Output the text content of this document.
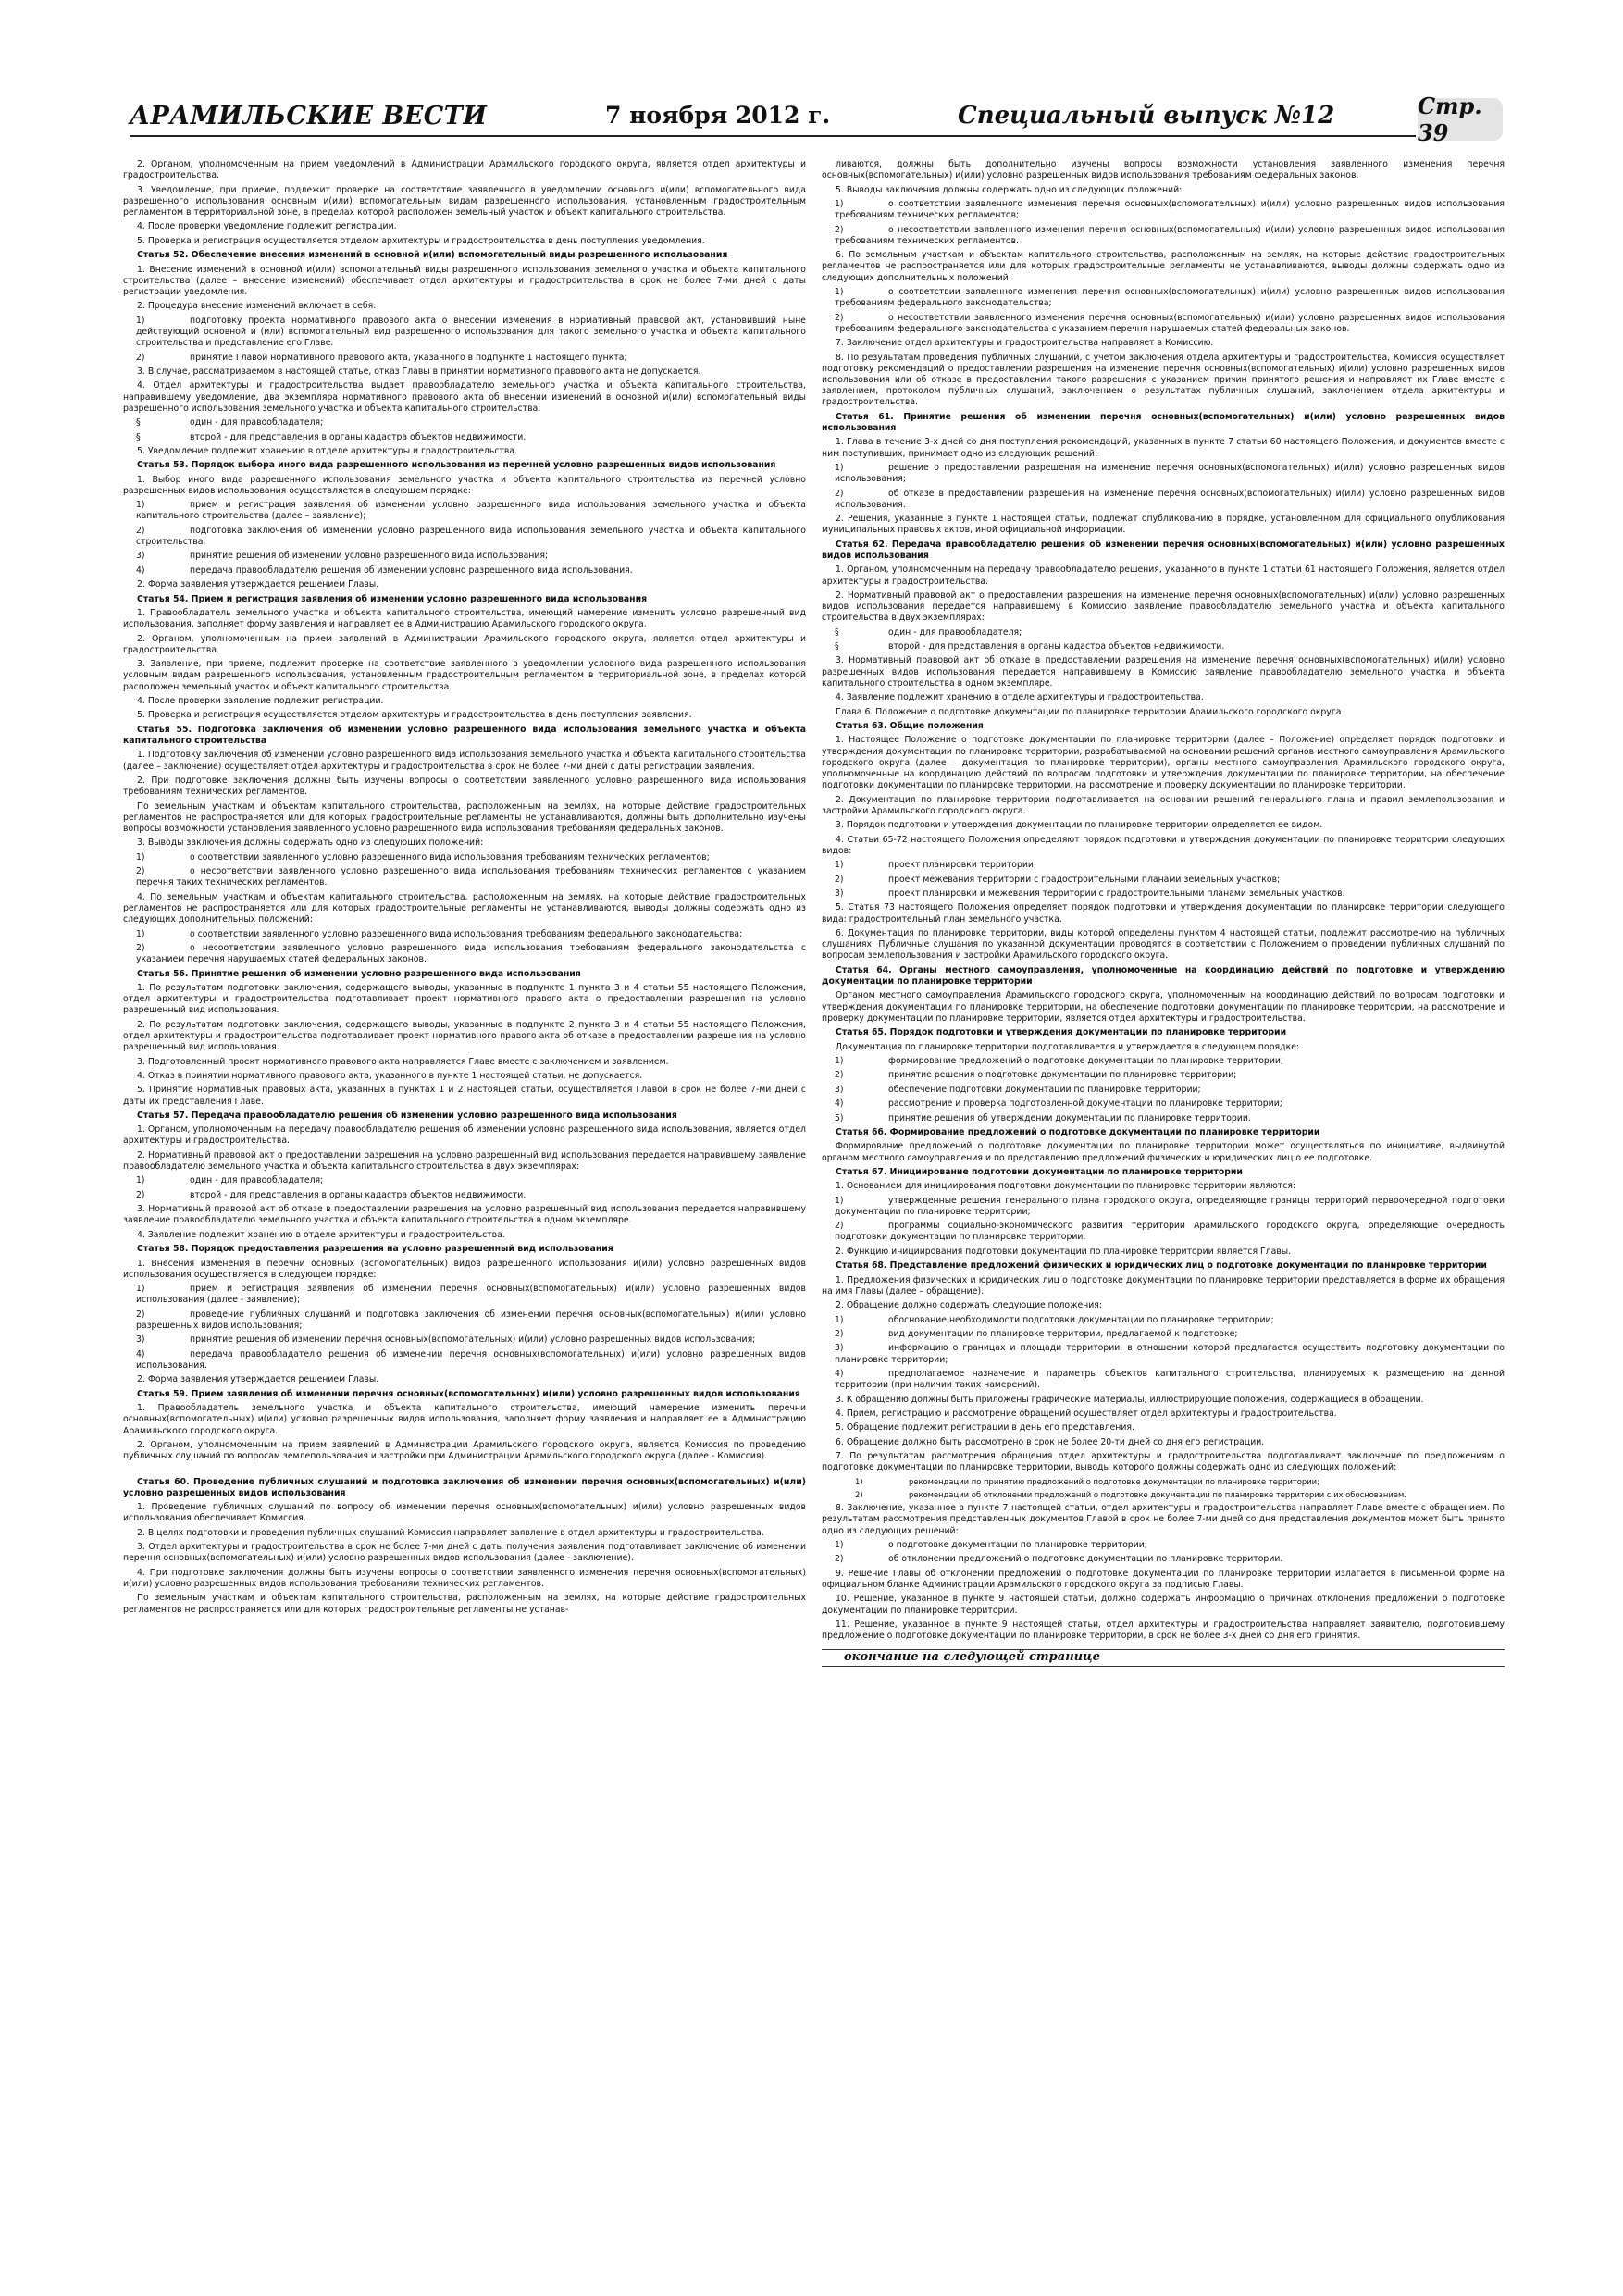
АРАМИЛЬСКИЕ ВЕСТИ	7 ноября 2012 г.	Специальный выпуск №12	Стр. 39

2. Органом, уполномоченным на прием уведомлений в Администрации Арамильского городского округа, является отдел архитектуры и градостроительства.

3. Уведомление, при приеме, подлежит проверке на соответствие заявленного в уведомлении основного и(или) вспомогательного вида разрешенного использования основным и(или) вспомогательным видам разрешенного использования, установленным градостроительным регламентом в территориальной зоне, в пределах которой расположен земельный участок и объект капитального строительства.

4. После проверки уведомление подлежит регистрации.

5. Проверка и регистрация осуществляется отделом архитектуры и градостроительства в день поступления уведомления.

Статья 52. Обеспечение внесения изменений в основной и(или) вспомогательный виды разрешенного использования

1. Внесение изменений в основной и(или) вспомогательный виды разрешенного использования земельного участка и объекта капитального строительства (далее – внесение изменений) обеспечивает отдел архитектуры и градостроительства в срок не более 7-ми дней с даты регистрации уведомления.

2. Процедура внесение изменений включает в себя:

1)	подготовку проекта нормативного правового акта о внесении изменения в нормативный правовой акт, установивший ныне действующий основной и (или) вспомогательный вид разрешенного использования для такого земельного участка и объекта капитального строительства и представление его Главе.

2)	принятие Главой нормативного правового акта, указанного в подпункте 1 настоящего пункта;

3. В случае, рассматриваемом в настоящей статье, отказ Главы в принятии нормативного правового акта не допускается.

4. Отдел архитектуры и градостроительства выдает правообладателю земельного участка и объекта капитального строительства, направившему уведомление, два экземпляра нормативного правового акта об внесении изменений в основной и(или) вспомогательный виды разрешенного использования земельного участка и объекта капитального строительства:

§	один - для правообладателя;

§	второй - для представления в органы кадастра объектов недвижимости.

5. Уведомление подлежит хранению в отделе архитектуры и градостроительства.

Статья 53. Порядок выбора иного вида разрешенного использования из перечней условно разрешенных видов использования

1. Выбор иного вида разрешенного использования земельного участка и объекта капитального строительства из перечней условно разрешенных видов использования осуществляется в следующем порядке:

1)	прием и регистрация заявления об изменении условно разрешенного вида использования земельного участка и объекта капитального строительства (далее – заявление);

2)	подготовка заключения об изменении условно разрешенного вида использования земельного участка и объекта капитального строительства;

3)	принятие решения об изменении условно разрешенного вида использования;

4)	передача правообладателю решения об изменении условно разрешенного вида использования.

2. Форма заявления утверждается решением Главы.

Статья 54. Прием и регистрация заявления об изменении условно разрешенного вида использования

1. Правообладатель земельного участка и объекта капитального строительства, имеющий намерение изменить условно разрешенный вид использования, заполняет форму заявления и направляет ее в Администрацию Арамильского городского округа.

2. Органом, уполномоченным на прием заявлений в Администрации Арамильского городского округа, является отдел архитектуры и градостроительства.

3. Заявление, при приеме, подлежит проверке на соответствие заявленного в уведомлении условного вида разрешенного использования условным видам разрешенного использования, установленным градостроительным регламентом в территориальной зоне, в пределах которой расположен земельный участок и объект капитального строительства.

4. После проверки заявление подлежит регистрации.

5. Проверка и регистрация осуществляется отделом архитектуры и градостроительства в день поступления заявления.

Статья 55. Подготовка заключения об изменении условно разрешенного вида использования земельного участка и объекта капитального строительства

1. Подготовку заключения об изменении условно разрешенного вида использования земельного участка и объекта капитального строительства (далее – заключение) осуществляет отдел архитектуры и градостроительства в срок не более 7-ми дней с даты регистрации заявления.

2. При подготовке заключения должны быть изучены вопросы о соответствии заявленного условно разрешенного вида использования требованиям технических регламентов.

По земельным участкам и объектам капитального строительства, расположенным на землях, на которые действие градостроительных регламентов не распространяется или для которых градостроительные регламенты не устанавливаются, должны быть дополнительно изучены вопросы возможности установления заявленного условно разрешенного вида использования требованиям федеральных законов.

3. Выводы заключения должны содержать одно из следующих положений:

1)	о соответствии заявленного условно разрешенного вида использования требованиям технических регламентов;

2)	о несоответствии заявленного условно разрешенного вида использования требованиям технических регламентов с указанием перечня таких технических регламентов.

4. По земельным участкам и объектам капитального строительства, расположенным на землях, на которые действие градостроительных регламентов не распространяется или для которых градостроительные регламенты не устанавливаются, выводы должны содержать одно из следующих дополнительных положений:

1)	о соответствии заявленного условно разрешенного вида использования требованиям федерального законодательства;

2)	о несоответствии заявленного условно разрешенного вида использования требованиям федерального законодательства с указанием перечня нарушаемых статей федеральных законов.

Статья 56. Принятие решения об изменении условно разрешенного вида использования

1. По результатам подготовки заключения, содержащего выводы, указанные в подпункте 1 пункта 3 и 4 статьи 55 настоящего Положения, отдел архитектуры и градостроительства подготавливает проект нормативного правого акта о предоставлении разрешения на условно разрешенный вид использования.

2. По результатам подготовки заключения, содержащего выводы, указанные в подпункте 2 пункта 3 и 4 статьи 55 настоящего Положения, отдел архитектуры и градостроительства подготавливает проект нормативного правого акта об отказе в предоставлении разрешения на условно разрешенный вид использования.

3. Подготовленный проект нормативного правового акта направляется Главе вместе с заключением и заявлением.

4. Отказ в принятии нормативного правового акта, указанного в пункте 1 настоящей статьи, не допускается.

5. Принятие нормативных правовых акта, указанных в пунктах 1 и 2 настоящей статьи, осуществляется Главой в срок не более 7-ми дней с даты их представления Главе.

Статья 57. Передача правообладателю решения об изменении условно разрешенного вида использования

1. Органом, уполномоченным на передачу правообладателю решения об изменении условно разрешенного вида использования, является отдел архитектуры и градостроительства.

2. Нормативный правовой акт о предоставлении разрешения на условно разрешенный вид использования передается направившему заявление правообладателю земельного участка и объекта капитального строительства в двух экземплярах:

1)	один - для правообладателя;

2)	второй - для представления в органы кадастра объектов недвижимости.

3. Нормативный правовой акт об отказе в предоставлении разрешения на условно разрешенный вид использования передается направившему заявление правообладателю земельного участка и объекта капитального строительства в одном экземпляре.

4. Заявление подлежит хранению в отделе архитектуры и градостроительства.

Статья 58. Порядок предоставления разрешения на условно разрешенный вид использования

1. Внесения изменения в перечни основных (вспомогательных) видов разрешенного использования и(или) условно разрешенных видов использования осуществляется в следующем порядке:

1)	прием и регистрация заявления об изменении перечня основных(вспомогательных) и(или) условно разрешенных видов использования (далее - заявление);

2)	проведение публичных слушаний и подготовка заключения об изменении перечня основных(вспомогательных) и(или) условно разрешенных видов использования;

3)	принятие решения об изменении перечня основных(вспомогательных) и(или) условно разрешенных видов использования;

4)	передача правообладателю решения об изменении перечня основных(вспомогательных) и(или) условно разрешенных видов использования.

2. Форма заявления утверждается решением Главы.

Статья 59. Прием заявления об изменении перечня основных(вспомогательных) и(или) условно разрешенных видов использования

1. Правообладатель земельного участка и объекта капитального строительства, имеющий намерение изменить перечни основных(вспомогательных) и(или) условно разрешенных видов использования, заполняет форму заявления и направляет ее в Администрацию Арамильского городского округа.

2. Органом, уполномоченным на прием заявлений в Администрации Арамильского городского округа, является Комиссия по проведению публичных слушаний по вопросам землепользования и застройки при Администрации Арамильского городского округа (далее - Комиссия).

Статья 60. Проведение публичных слушаний и подготовка заключения об изменении перечня основных(вспомогательных) и(или) условно разрешенных видов использования

1. Проведение публичных слушаний по вопросу об изменении перечня основных(вспомогательных) и(или) условно разрешенных видов использования обеспечивает Комиссия.

2. В целях подготовки и проведения публичных слушаний Комиссия направляет заявление в отдел архитектуры и градостроительства.

3. Отдел архитектуры и градостроительства в срок не более 7-ми дней с даты получения заявления подготавливает заключение об изменении перечня основных(вспомогательных) и(или) условно разрешенных видов использования (далее - заключение).

4. При подготовке заключения должны быть изучены вопросы о соответствии заявленного изменения перечня основных(вспомогательных) и(или) условно разрешенных видов использования требованиям технических регламентов.

По земельным участкам и объектам капитального строительства, расположенным на землях, на которые действие градостроительных регламентов не распространяется или для которых градостроительные регламенты не устанав-

ливаются, должны быть дополнительно изучены вопросы возможности установления заявленного изменения перечня основных(вспомогательных) и(или) условно разрешенных видов использования требованиям федеральных законов.

5. Выводы заключения должны содержать одно из следующих положений:

1)	о соответствии заявленного изменения перечня основных(вспомогательных) и(или) условно разрешенных видов использования требованиям технических регламентов;

2)	о несоответствии заявленного изменения перечня основных(вспомогательных) и(или) условно разрешенных видов использования требованиям технических регламентов.

6. По земельным участкам и объектам капитального строительства, расположенным на землях, на которые действие градостроительных регламентов не распространяется или для которых градостроительные регламенты не устанавливаются, выводы должны содержать одно из следующих дополнительных положений:

1)	о соответствии заявленного изменения перечня основных(вспомогательных) и(или) условно разрешенных видов использования требованиям федерального законодательства;

2)	о несоответствии заявленного изменения перечня основных(вспомогательных) и(или) условно разрешенных видов использования требованиям федерального законодательства с указанием перечня нарушаемых статей федеральных законов.

7. Заключение отдел архитектуры и градостроительства направляет в Комиссию.

8. По результатам проведения публичных слушаний, с учетом заключения отдела архитектуры и градостроительства, Комиссия осуществляет подготовку рекомендаций о предоставлении разрешения на изменение перечня основных(вспомогательных) и(или) условно разрешенных видов использования или об отказе в предоставлении такого разрешения с указанием причин принятого решения и направляет их Главе вместе с заявлением, протоколом публичных слушаний, заключением о результатах публичных слушаний, заключением отдела архитектуры и градостроительства.

Статья 61. Принятие решения об изменении перечня основных(вспомогательных) и(или) условно разрешенных видов использования

1. Глава в течение 3-х дней со дня поступления рекомендаций, указанных в пункте 7 статьи 60 настоящего Положения, и документов вместе с ним поступивших, принимает одно из следующих решений:

1)	решение о предоставлении разрешения на изменение перечня основных(вспомогательных) и(или) условно разрешенных видов использования;

2)	об отказе в предоставлении разрешения на изменение перечня основных(вспомогательных) и(или) условно разрешенных видов использования.

2. Решения, указанные в пункте 1 настоящей статьи, подлежат опубликованию в порядке, установленном для официального опубликования муниципальных правовых актов, иной официальной информации.

Статья 62. Передача правообладателю решения об изменении перечня основных(вспомогательных) и(или) условно разрешенных видов использования

1. Органом, уполномоченным на передачу правообладателю решения, указанного в пункте 1 статьи 61 настоящего Положения, является отдел архитектуры и градостроительства.

2. Нормативный правовой акт о предоставлении разрешения на изменение перечня основных(вспомогательных) и(или) условно разрешенных видов использования передается направившему в Комиссию заявление правообладателю земельного участка и объекта капитального строительства в двух экземплярах:

§	один - для правообладателя;

§	второй - для представления в органы кадастра объектов недвижимости.

3. Нормативный правовой акт об отказе в предоставлении разрешения на изменение перечня основных(вспомогательных) и(или) условно разрешенных видов использования передается направившему в Комиссию заявление правообладателю земельного участка и объекта капитального строительства в одном экземпляре.

4. Заявление подлежит хранению в отделе архитектуры и градостроительства.

Глава 6. Положение о подготовке документации по планировке территории Арамильского городского округа

Статья 63. Общие положения

1. Настоящее Положение о подготовке документации по планировке территории (далее – Положение) определяет порядок подготовки и утверждения документации по планировке территории, разрабатываемой на основании решений органов местного самоуправления Арамильского городского округа (далее – документация по планировке территории), органы местного самоуправления Арамильского городского округа, уполномоченные на координацию действий по вопросам подготовки и утверждения документации по планировке территории, на обеспечение подготовки документации по планировке территории, на рассмотрение и проверку документации по планировке территории.

2. Документация по планировке территории подготавливается на основании решений генерального плана и правил землепользования и застройки Арамильского городского округа.

3. Порядок подготовки и утверждения документации по планировке территории определяется ее видом.

4. Статьи 65-72 настоящего Положения определяют порядок подготовки и утверждения документации по планировке территории следующих видов:

1)	проект планировки территории;

2)	проект межевания территории с градостроительными планами земельных участков;

3)	проект планировки и межевания территории с градостроительными планами земельных участков.

5. Статья 73 настоящего Положения определяет порядок подготовки и утверждения документации по планировке территории следующего вида: градостроительный план земельного участка.

6. Документация по планировке территории, виды которой определены пунктом 4 настоящей статьи, подлежит рассмотрению на публичных слушаниях. Публичные слушания по указанной документации проводятся в соответствии с Положением о проведении публичных слушаний по вопросам землепользования и застройки Арамильского городского округа.

Статья 64. Органы местного самоуправления, уполномоченные на координацию действий по подготовке и утверждению документации по планировке территории

Органом местного самоуправления Арамильского городского округа, уполномоченным на координацию действий по вопросам подготовки и утверждения документации по планировке территории, на обеспечение подготовки документации по планировке территории, на рассмотрение и проверку документации по планировке территории, является отдел архитектуры и градостроительства.

Статья 65. Порядок подготовки и утверждения документации по планировке территории

Документация по планировке территории подготавливается и утверждается в следующем порядке:

1)	формирование предложений о подготовке документации по планировке территории;

2)	принятие решения о подготовке документации по планировке территории;

3)	обеспечение подготовки документации по планировке территории;

4)	рассмотрение и проверка подготовленной документации по планировке территории;

5)	принятие решения об утверждении документации по планировке территории.

Статья 66. Формирование предложений о подготовке документации по планировке территории

Формирование предложений о подготовке документации по планировке территории может осуществляться по инициативе, выдвинутой органом местного самоуправления и по представлению предложений физических и юридических лиц о ее подготовке.

Статья 67. Инициирование подготовки документации по планировке территории

1. Основанием для инициирования подготовки документации по планировке территории являются:

1)	утвержденные решения генерального плана городского округа, определяющие границы территорий первоочередной подготовки документации по планировке территории;

2)	программы социально-экономического развития территории Арамильского городского округа, определяющие очередность подготовки документации по планировке территории.

2. Функцию инициирования подготовки документации по планировке территории является Главы.

Статья 68. Представление предложений физических и юридических лиц о подготовке документации по планировке территории

1. Предложения физических и юридических лиц о подготовке документации по планировке территории представляется в форме их обращения на имя Главы (далее – обращение).

2. Обращение должно содержать следующие положения:

1)	обоснование необходимости подготовки документации по планировке территории;

2)	вид документации по планировке территории, предлагаемой к подготовке;

3)	информацию о границах и площади территории, в отношении которой предлагается осуществить подготовку документации по планировке территории;

4)	предполагаемое назначение и параметры объектов капитального строительства, планируемых к размещению на данной территории (при наличии таких намерений).

3. К обращению должны быть приложены графические материалы, иллюстрирующие положения, содержащиеся в обращении.

4. Прием, регистрацию и рассмотрение обращений осуществляет отдел архитектуры и градостроительства.

5. Обращение подлежит регистрации в день его представления.

6. Обращение должно быть рассмотрено в срок не более 20-ти дней со дня его регистрации.

7. По результатам рассмотрения обращения отдел архитектуры и градостроительства подготавливает заключение по предложениям о подготовке документации по планировке территории, выводы которого должны содержать одно из следующих положений:

1)	рекомендации по принятию предложений о подготовке документации по планировке территории;

2)	рекомендации об отклонении предложений о подготовке документации по планировке территории с их обоснованием.

8. Заключение, указанное в пункте 7 настоящей статьи, отдел архитектуры и градостроительства направляет Главе вместе с обращением. По результатам рассмотрения представленных документов Главой в срок не более 7-ми дней со дня представления документов может быть принято одно из следующих решений:

1)	о подготовке документации по планировке территории;

2)	об отклонении предложений о подготовке документации по планировке территории.

9. Решение Главы об отклонении предложений о подготовке документации по планировке территории излагается в письменной форме на официальном бланке Администрации Арамильского городского округа за подписью Главы.

10. Решение, указанное в пункте 9 настоящей статьи, должно содержать информацию о причинах отклонения предложений о подготовке документации по планировке территории.

11. Решение, указанное в пункте 9 настоящей статьи, отдел архитектуры и градостроительства направляет заявителю, подготовившему предложение о подготовке документации по планировке территории, в срок не более 3-х дней со дня его принятия.

окончание на следующей странице
